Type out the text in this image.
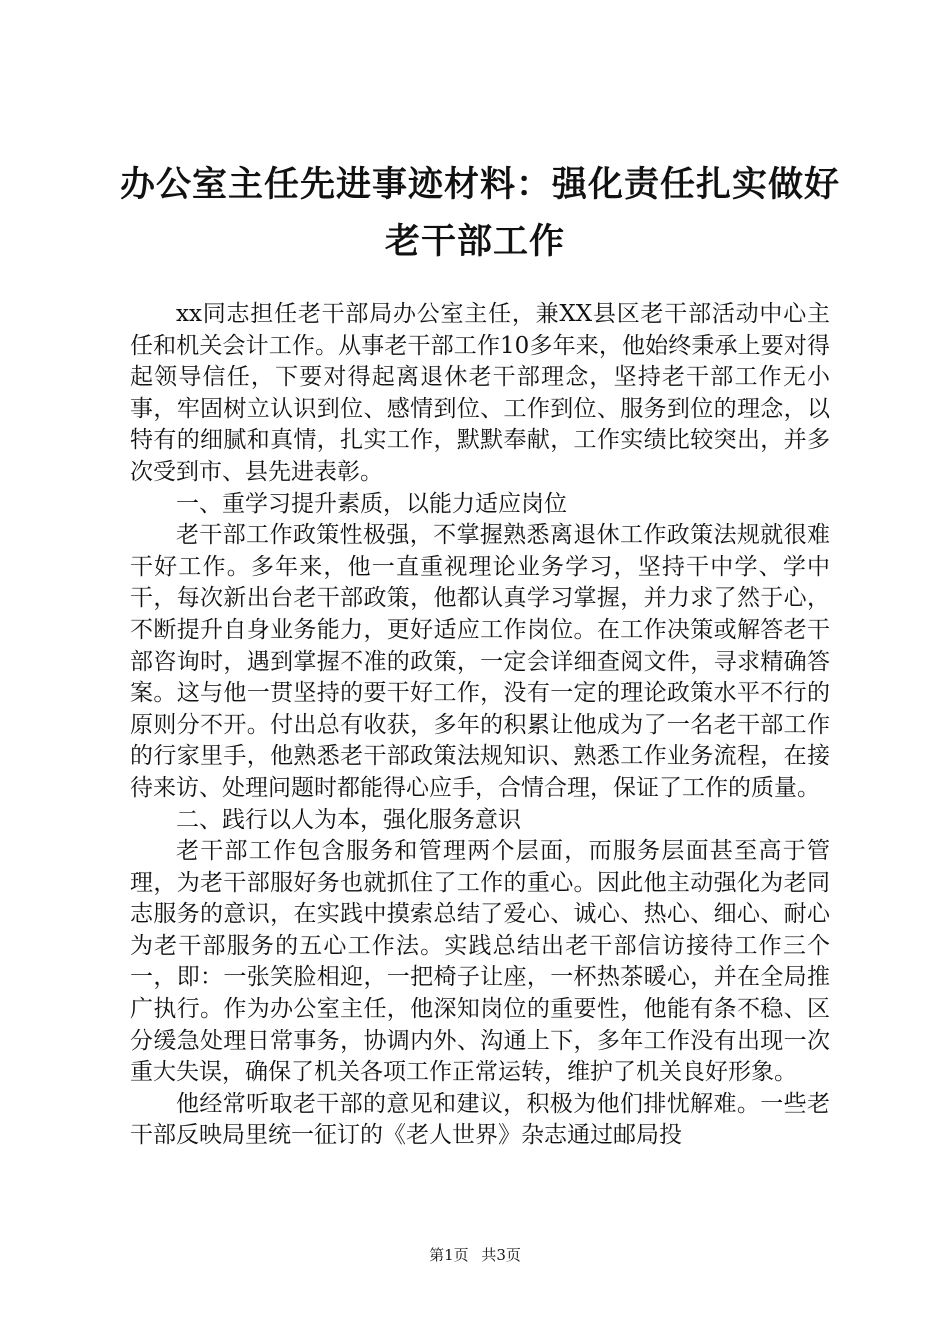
办公室主任先进事迹材料：强化责任扎实做好
老干部工作

xx同志担任老干部局办公室主任，兼XX县区老干部活动中心主任和机关会计工作。从事老干部工作10多年来，他始终秉承上要对得起领导信任，下要对得起离退休老干部理念，坚持老干部工作无小事，牢固树立认识到位、感情到位、工作到位、服务到位的理念，以特有的细腻和真情，扎实工作，默默奉献，工作实绩比较突出，并多次受到市、县先进表彰。

一、重学习提升素质，以能力适应岗位

老干部工作政策性极强，不掌握熟悉离退休工作政策法规就很难干好工作。多年来，他一直重视理论业务学习，坚持干中学、学中干，每次新出台老干部政策，他都认真学习掌握，并力求了然于心，不断提升自身业务能力，更好适应工作岗位。在工作决策或解答老干部咨询时，遇到掌握不准的政策，一定会详细查阅文件，寻求精确答案。这与他一贯坚持的要干好工作，没有一定的理论政策水平不行的原则分不开。付出总有收获，多年的积累让他成为了一名老干部工作的行家里手，他熟悉老干部政策法规知识、熟悉工作业务流程，在接待来访、处理问题时都能得心应手，合情合理，保证了工作的质量。

二、践行以人为本，强化服务意识

老干部工作包含服务和管理两个层面，而服务层面甚至高于管理，为老干部服好务也就抓住了工作的重心。因此他主动强化为老同志服务的意识，在实践中摸索总结了爱心、诚心、热心、细心、耐心为老干部服务的五心工作法。实践总结出老干部信访接待工作三个一，即：一张笑脸相迎，一把椅子让座，一杯热茶暖心，并在全局推广执行。作为办公室主任，他深知岗位的重要性，他能有条不稳、区分缓急处理日常事务，协调内外、沟通上下，多年工作没有出现一次重大失误，确保了机关各项工作正常运转，维护了机关良好形象。

他经常听取老干部的意见和建议，积极为他们排忧解难。一些老干部反映局里统一征订的《老人世界》杂志通过邮局投

第1页 共3页
